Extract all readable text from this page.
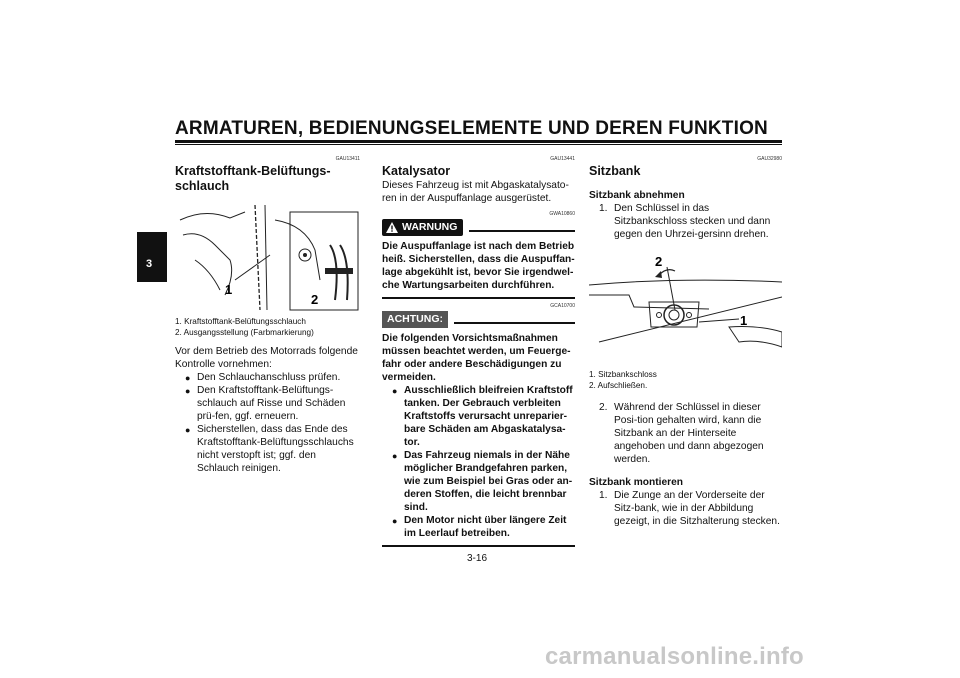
ARMATUREN, BEDIENUNGSELEMENTE UND DEREN FUNKTION
3
GAU13411
Kraftstofftank-Belüftungs-schlauch
1
2
1. Kraftstofftank-Belüftungsschlauch
2. Ausgangsstellung (Farbmarkierung)

Vor dem Betrieb des Motorrads folgende Kontrolle vornehmen:

● Den Schlauchanschluss prüfen.
● Den Kraftstofftank-Belüftungs-schlauch auf Risse und Schäden prü-fen, ggf. erneuern.
● Sicherstellen, dass das Ende des Kraftstofftank-Belüftungsschlauchs nicht verstopft ist; ggf. den Schlauch reinigen.
GAU13441
Katalysator

Dieses Fahrzeug ist mit Abgaskatalysato-ren in der Auspuffanlage ausgerüstet.

GWA10860
WARNUNG

Die Auspuffanlage ist nach dem Betrieb heiß. Sicherstellen, dass die Auspuffan-lage abgekühlt ist, bevor Sie irgendwel-che Wartungsarbeiten durchführen.

GCA10700
ACHTUNG:

Die folgenden Vorsichtsmaßnahmen müssen beachtet werden, um Feuerge-fahr oder andere Beschädigungen zu vermeiden.

● Ausschließlich bleifreien Kraftstoff tanken. Der Gebrauch verbleiten Kraftstoffs verursacht unreparier-bare Schäden am Abgaskatalysa-tor.
● Das Fahrzeug niemals in der Nähe möglicher Brandgefahren parken, wie zum Beispiel bei Gras oder an-deren Stoffen, die leicht brennbar sind.
● Den Motor nicht über längere Zeit im Leerlauf betreiben.
GAU32980
Sitzbank
Sitzbank abnehmen
1. Den Schlüssel in das Sitzbankschloss stecken und dann gegen den Uhrzei-gersinn drehen.
2
1
1. Sitzbankschloss
2. Aufschließen.
2. Während der Schlüssel in dieser Posi-tion gehalten wird, kann die Sitzbank an der Hinterseite angehoben und dann abgezogen werden.
Sitzbank montieren
1. Die Zunge an der Vorderseite der Sitz-bank, wie in der Abbildung gezeigt, in die Sitzhalterung stecken.
3-16
carmanualsonline.info
